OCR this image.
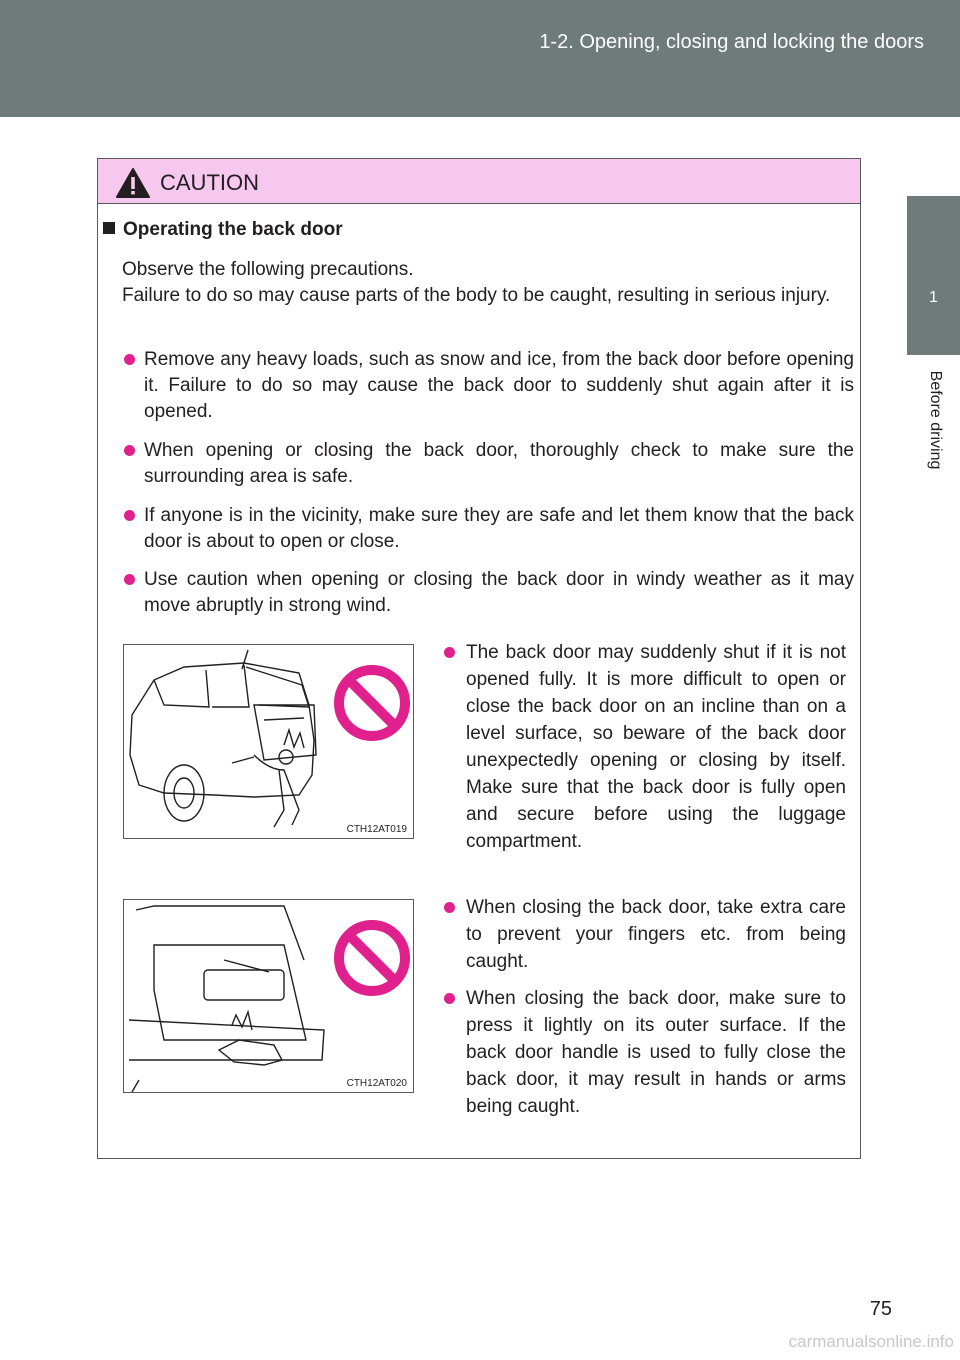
1-2. Opening, closing and locking the doors
1
Before driving
CAUTION
Operating the back door
Observe the following precautions.
Failure to do so may cause parts of the body to be caught, resulting in serious injury.
Remove any heavy loads, such as snow and ice, from the back door before opening it. Failure to do so may cause the back door to suddenly shut again after it is opened.
When opening or closing the back door, thoroughly check to make sure the surrounding area is safe.
If anyone is in the vicinity, make sure they are safe and let them know that the back door is about to open or close.
Use caution when opening or closing the back door in windy weather as it may move abruptly in strong wind.
CTH12AT019
The back door may suddenly shut if it is not opened fully. It is more difficult to open or close the back door on an incline than on a level surface, so beware of the back door unexpectedly opening or closing by itself. Make sure that the back door is fully open and secure before using the luggage compartment.
CTH12AT020
When closing the back door, take extra care to prevent your fingers etc. from being caught.
When closing the back door, make sure to press it lightly on its outer surface. If the back door handle is used to fully close the back door, it may result in hands or arms being caught.
75
carmanualsonline.info
